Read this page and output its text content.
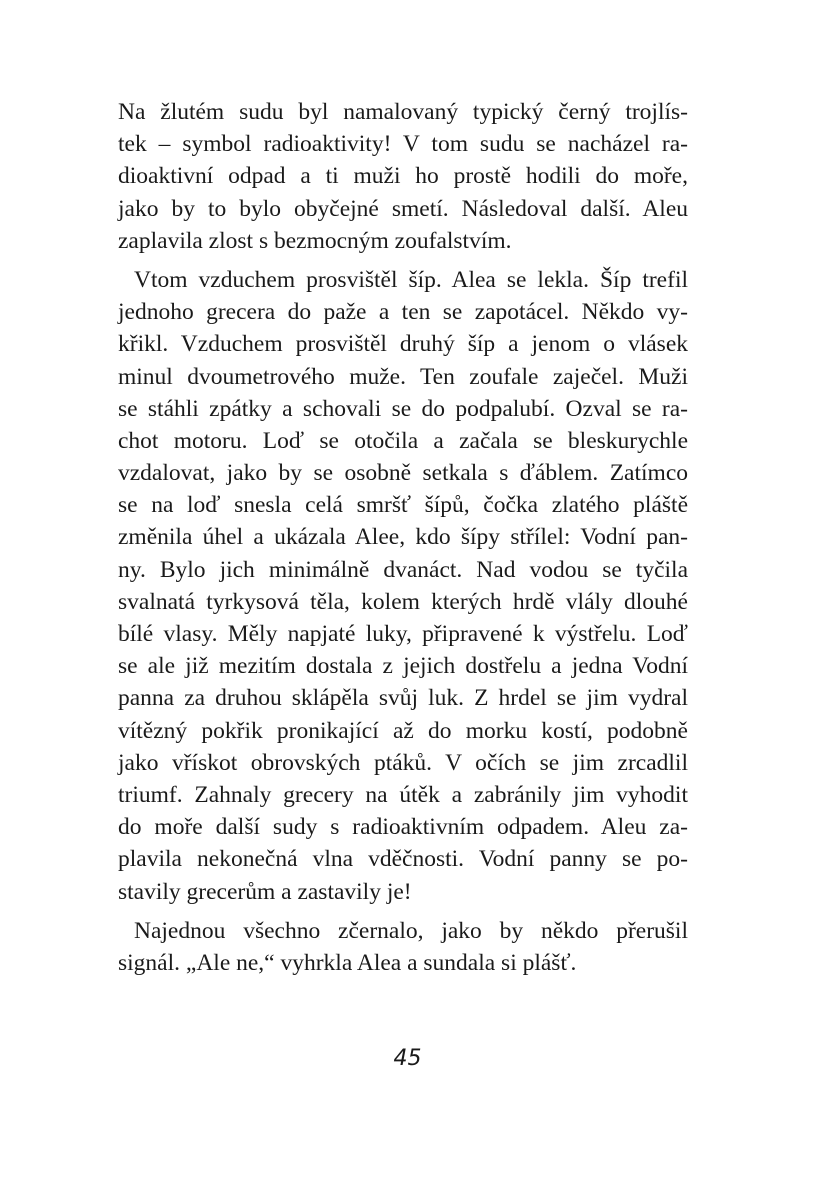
Na žlutém sudu byl namalovaný typický černý trojlís-
tek – symbol radioaktivity! V tom sudu se nacházel ra-
dioaktivní odpad a ti muži ho prostě hodili do moře,
jako by to bylo obyčejné smetí. Následoval další. Aleu
zaplavila zlost s bezmocným zoufalstvím.
Vtom vzduchem prosvištěl šíp. Alea se lekla. Šíp trefil
jednoho grecera do paže a ten se zapotácel. Někdo vy-
křikl. Vzduchem prosvištěl druhý šíp a jenom o vlásek
minul dvoumetrového muže. Ten zoufale zaječel. Muži
se stáhli zpátky a schovali se do podpalubí. Ozval se ra-
chot motoru. Loď se otočila a začala se bleskurychle
vzdalovat, jako by se osobně setkala s ďáblem. Zatímco
se na loď snesla celá smršť šípů, čočka zlatého pláště
změnila úhel a ukázala Alee, kdo šípy střílel: Vodní pan-
ny. Bylo jich minimálně dvanáct. Nad vodou se tyčila
svalnatá tyrkysová těla, kolem kterých hrdě vlály dlouhé
bílé vlasy. Měly napjaté luky, připravené k výstřelu. Loď
se ale již mezitím dostala z jejich dostřelu a jedna Vodní
panna za druhou sklápěla svůj luk. Z hrdel se jim vydral
vítězný pokřik pronikající až do morku kostí, podobně
jako vřískot obrovských ptáků. V očích se jim zrcadlil
triumf. Zahnaly grecery na útěk a zabránily jim vyhodit
do moře další sudy s radioaktivním odpadem. Aleu za-
plavila nekonečná vlna vděčnosti. Vodní panny se po-
stavily grecerům a zastavily je!
Najednou všechno zčernalo, jako by někdo přerušil
signál. „Ale ne,“ vyhrkla Alea a sundala si plášť.
45
